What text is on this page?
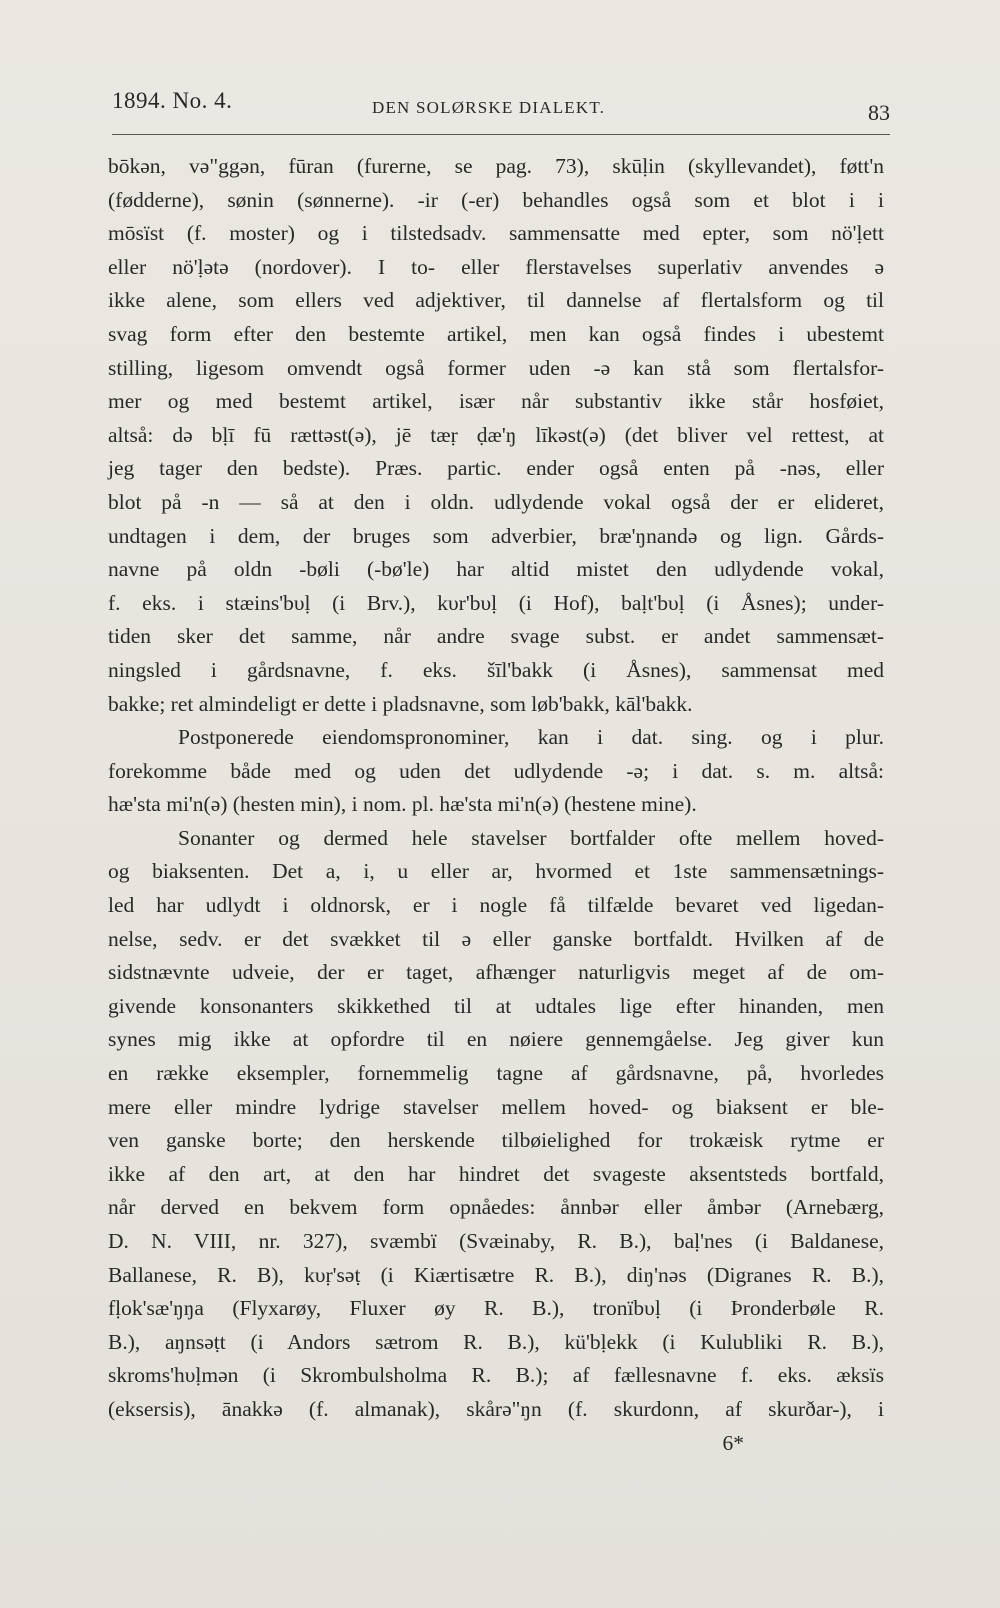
1894. No. 4.	DEN SOLØRSKE DIALEKT.	83
bōkən, və"ggən, fūran (furerne, se pag. 73), skūḷin (skyllevandet), føtt'n
(fødderne), sønin (sønnerne). -ir (-er) behandles også som et blot i i
mōsïst (f. moster) og i tilstedsadv. sammensatte med epter, som nö'ḷett
eller nö'ḷətə (nordover). I to- eller flerstavelses superlativ anvendes ə
ikke alene, som ellers ved adjektiver, til dannelse af flertalsform og til
svag form efter den bestemte artikel, men kan også findes i ubestemt
stilling, ligesom omvendt også former uden -ə kan stå som flertalsfor-
mer og med bestemt artikel, især når substantiv ikke står hosføiet,
altså: də bḷī fū rættəst(ə), jē tæṛ ḍæ'ŋ līkəst(ə) (det bliver vel rettest, at
jeg tager den bedste). Præs. partic. ender også enten på -nəs, eller
blot på -n — så at den i oldn. udlydende vokal også der er elideret,
undtagen i dem, der bruges som adverbier, bræ'ŋnandə og lign. Gårds-
navne på oldn -bøli (-bø'le) har altid mistet den udlydende vokal,
f. eks. i stæins'bυḷ (i Brv.), kυr'bυḷ (i Hof), baḷt'bυḷ (i Åsnes); under-
tiden sker det samme, når andre svage subst. er andet sammensæt-
ningsled i gårdsnavne, f. eks. šīl'bakk (i Åsnes), sammensat med
bakke; ret almindeligt er dette i pladsnavne, som løb'bakk, kāl'bakk.
Postponerede eiendomspronominer, kan i dat. sing. og i plur.
forekomme både med og uden det udlydende -ə; i dat. s. m. altså:
hæ'sta mi'n(ə) (hesten min), i nom. pl. hæ'sta mi'n(ə) (hestene mine).
Sonanter og dermed hele stavelser bortfalder ofte mellem hoved-
og biaksenten. Det a, i, u eller ar, hvormed et 1ste sammensætnings-
led har udlydt i oldnorsk, er i nogle få tilfælde bevaret ved ligedan-
nelse, sedv. er det svækket til ə eller ganske bortfaldt. Hvilken af de
sidstnævnte udveie, der er taget, afhænger naturligvis meget af de om-
givende konsonanters skikkethed til at udtales lige efter hinanden, men
synes mig ikke at opfordre til en nøiere gennemgåelse. Jeg giver kun
en række eksempler, fornemmelig tagne af gårdsnavne, på, hvorledes
mere eller mindre lydrige stavelser mellem hoved- og biaksent er ble-
ven ganske borte; den herskende tilbøielighed for trokæisk rytme er
ikke af den art, at den har hindret det svageste aksentsteds bortfald,
når derved en bekvem form opnåedes: ånnbər eller åmbər (Arnebærg,
D. N. VIII, nr. 327), svæmbï (Svæinaby, R. B.), baḷ'nes (i Baldanese,
Ballanese, R. B), kυṛ'səṭ (i Kiærtisætre R. B.), diŋ'nəs (Digranes R. B.),
fḷok'sæ'ŋŋa (Flyxarøy, Fluxer øy R. B.), tronïbυḷ (i Þronderbøle R.
B.), aŋnsəṭt (i Andors sætrom R. B.), kü'bḷekk (i Kulubliki R. B.),
skroms'hυḷmən (i Skrombulsholma R. B.); af fællesnavne f. eks. æksïs
(eksersis), ānakkə (f. almanak), skårə"ŋn (f. skurdonn, af skurðar-), i
6*
